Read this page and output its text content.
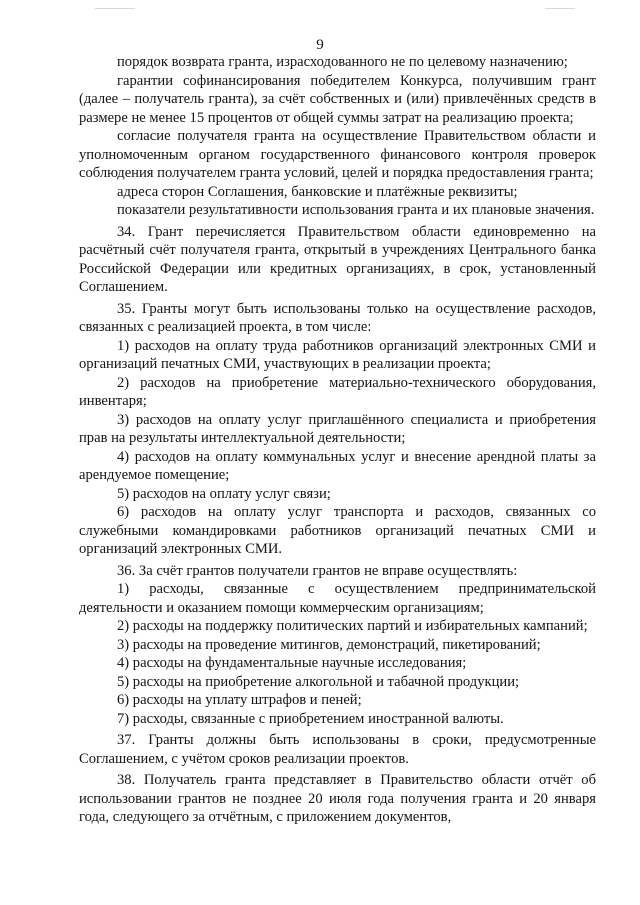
9

порядок возврата гранта, израсходованного не по целевому назначению;

гарантии софинансирования победителем Конкурса, получившим грант (далее – получатель гранта), за счёт собственных и (или) привлечённых средств в размере не менее 15 процентов от общей суммы затрат на реализацию проекта;

согласие получателя гранта на осуществление Правительством области и уполномоченным органом государственного финансового контроля проверок соблюдения получателем гранта условий, целей и порядка предоставления гранта;

адреса сторон Соглашения, банковские и платёжные реквизиты;

показатели результативности использования гранта и их плановые значения.

34. Грант перечисляется Правительством области единовременно на расчётный счёт получателя гранта, открытый в учреждениях Центрального банка Российской Федерации или кредитных организациях, в срок, установленный Соглашением.

35. Гранты могут быть использованы только на осуществление расходов, связанных с реализацией проекта, в том числе:

1) расходов на оплату труда работников организаций электронных СМИ и организаций печатных СМИ, участвующих в реализации проекта;

2) расходов на приобретение материально-технического оборудования, инвентаря;

3) расходов на оплату услуг приглашённого специалиста и приобретения прав на результаты интеллектуальной деятельности;

4) расходов на оплату коммунальных услуг и внесение арендной платы за арендуемое помещение;

5) расходов на оплату услуг связи;

6) расходов на оплату услуг транспорта и расходов, связанных со служебными командировками работников организаций печатных СМИ и организаций электронных СМИ.

36. За счёт грантов получатели грантов не вправе осуществлять:

1) расходы, связанные с осуществлением предпринимательской деятельности и оказанием помощи коммерческим организациям;

2) расходы на поддержку политических партий и избирательных кампаний;

3) расходы на проведение митингов, демонстраций, пикетирований;

4) расходы на фундаментальные научные исследования;

5) расходы на приобретение алкогольной и табачной продукции;

6) расходы на уплату штрафов и пеней;

7) расходы, связанные с приобретением иностранной валюты.

37. Гранты должны быть использованы в сроки, предусмотренные Соглашением, с учётом сроков реализации проектов.

38. Получатель гранта представляет в Правительство области отчёт об использовании грантов не позднее 20 июля года получения гранта и 20 января года, следующего за отчётным, с приложением документов,
